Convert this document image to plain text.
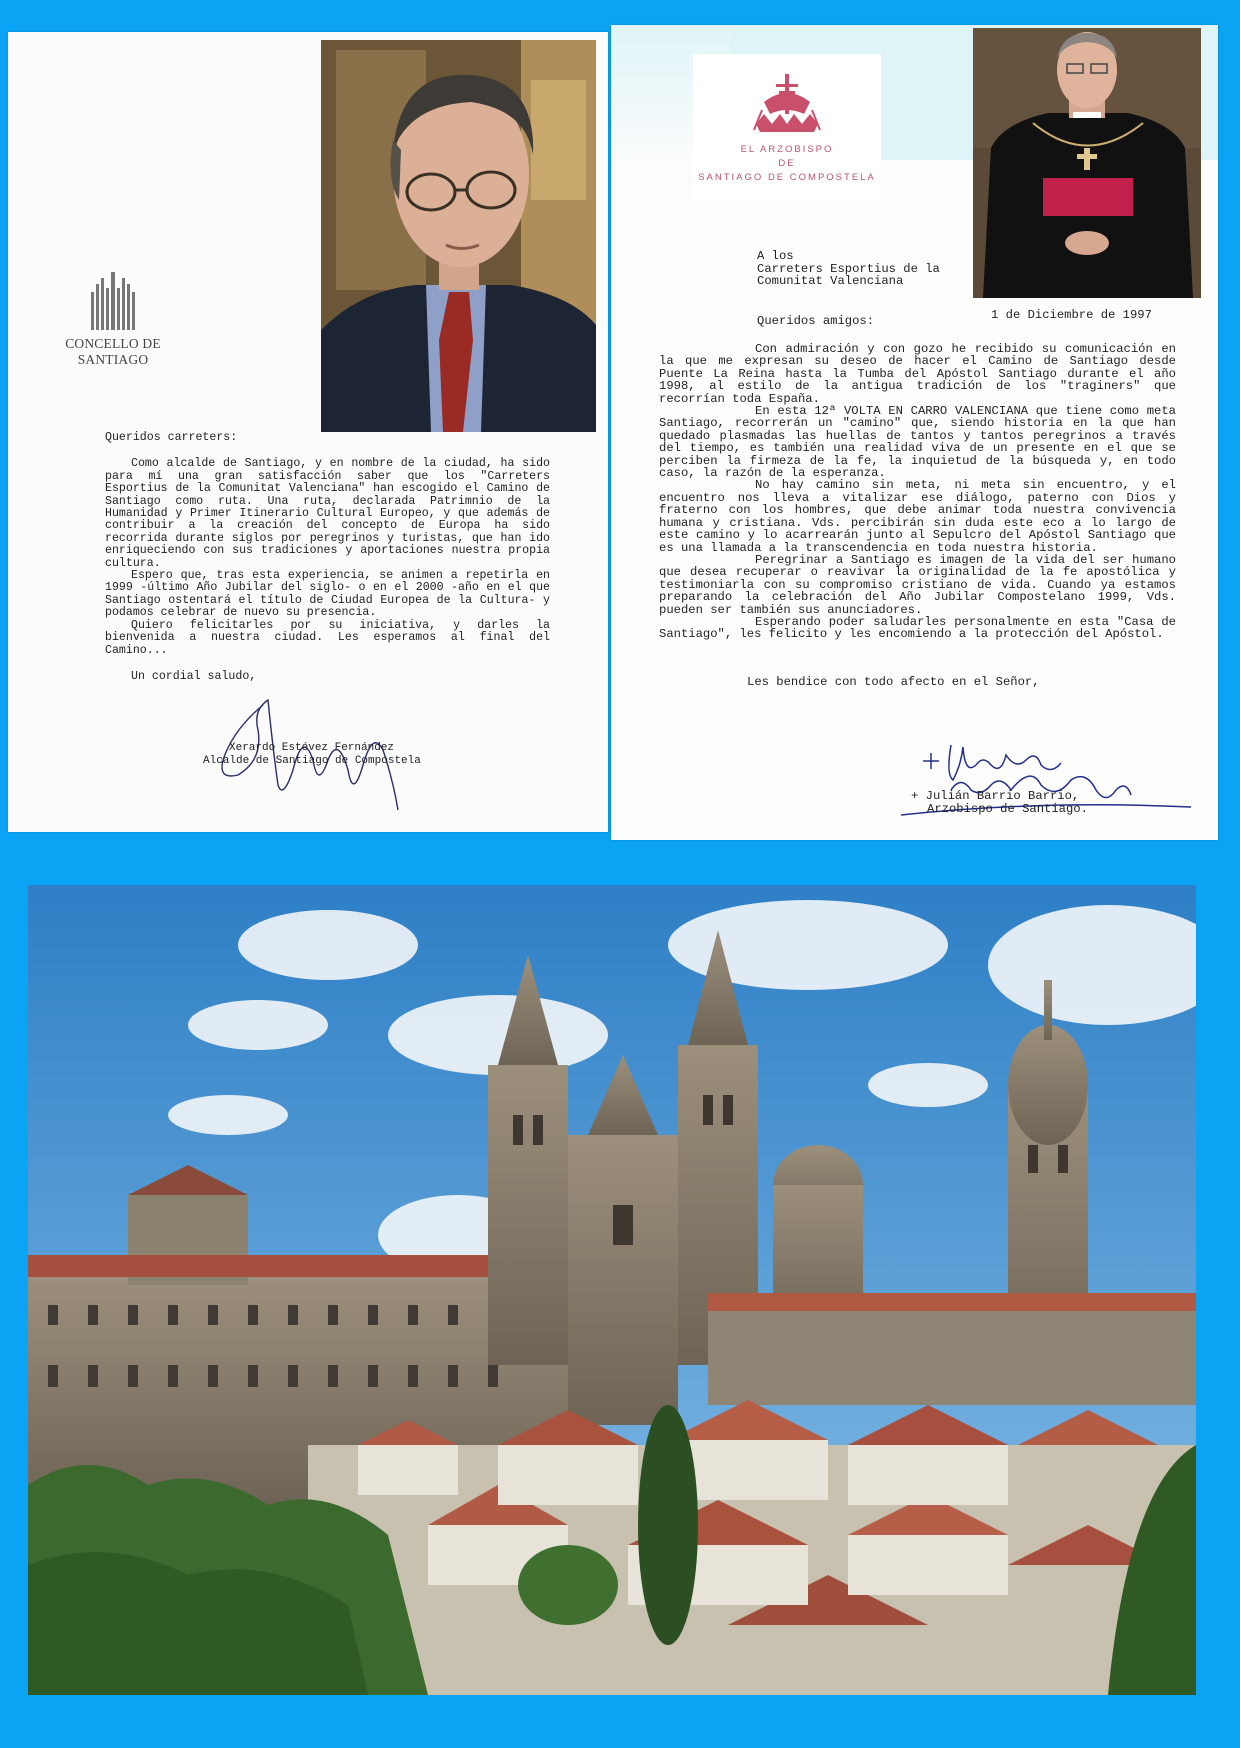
CONCELLO DE
SANTIAGO

Queridos carreters:

Como alcalde de Santiago, y en nombre de la ciudad, ha sido para mí una gran satisfacción saber que los "Carreters Esportius de la Comunitat Valenciana" han escogido el Camino de Santiago como ruta. Una ruta, declarada Patrimnio de la Humanidad y Primer Itinerario Cultural Europeo, y que además de contribuir a la creación del concepto de Europa ha sido recorrida durante siglos por peregrinos y turistas, que han ido enriqueciendo con sus tradiciones y aportaciones nuestra propia cultura.

Espero que, tras esta experiencia, se animen a repetirla en 1999 -último Año Jubilar del siglo- o en el 2000 -año en el que Santiago ostentará el título de Ciudad Europea de la Cultura- y podamos celebrar de nuevo su presencia.

Quiero felicitarles por su iniciativa, y darles la bienvenida a nuestra ciudad. Les esperamos al final del Camino...

Un cordial saludo,

Xerardo Estévez Fernández
Alcalde de Santiago de Compostela
EL ARZOBISPO
DE
SANTIAGO DE COMPOSTELA
A los
Carreters Esportius de la
Comunitat Valenciana
1 de Diciembre de 1997
Queridos amigos:

Con admiración y con gozo he recibido su comunicación en la que me expresan su deseo de hacer el Camino de Santiago desde Puente La Reina hasta la Tumba del Apóstol Santiago durante el año 1998, al estilo de la antigua tradición de los "traginers" que recorrían toda España.

En esta 12ª VOLTA EN CARRO VALENCIANA que tiene como meta Santiago, recorrerán un "camino" que, siendo historia en la que han quedado plasmadas las huellas de tantos y tantos peregrinos a través del tiempo, es también una realidad viva de un presente en el que se perciben la firmeza de la fe, la inquietud de la búsqueda y, en todo caso, la razón de la esperanza.

No hay camino sin meta, ni meta sin encuentro, y el encuentro nos lleva a vitalizar ese diálogo, paterno con Dios y fraterno con los hombres, que debe animar toda nuestra convivencia humana y cristiana. Vds. percibirán sin duda este eco a lo largo de este camino y lo acarrearán junto al Sepulcro del Apóstol Santiago que es una llamada a la transcendencia en toda nuestra historia.

Peregrinar a Santiago es imagen de la vida del ser humano que desea recuperar o reavivar la originalidad de la fe apostólica y testimoniarla con su compromiso cristiano de vida. Cuando ya estamos preparando la celebración del Año Jubilar Compostelano 1999, Vds. pueden ser también sus anunciadores.

Esperando poder saludarles personalmente en esta "Casa de Santiago", les felicito y les encomiendo a la protección del Apóstol.

Les bendice con todo afecto en el Señor,
+ Julián Barrio Barrio,
Arzobispo de Santiago.
